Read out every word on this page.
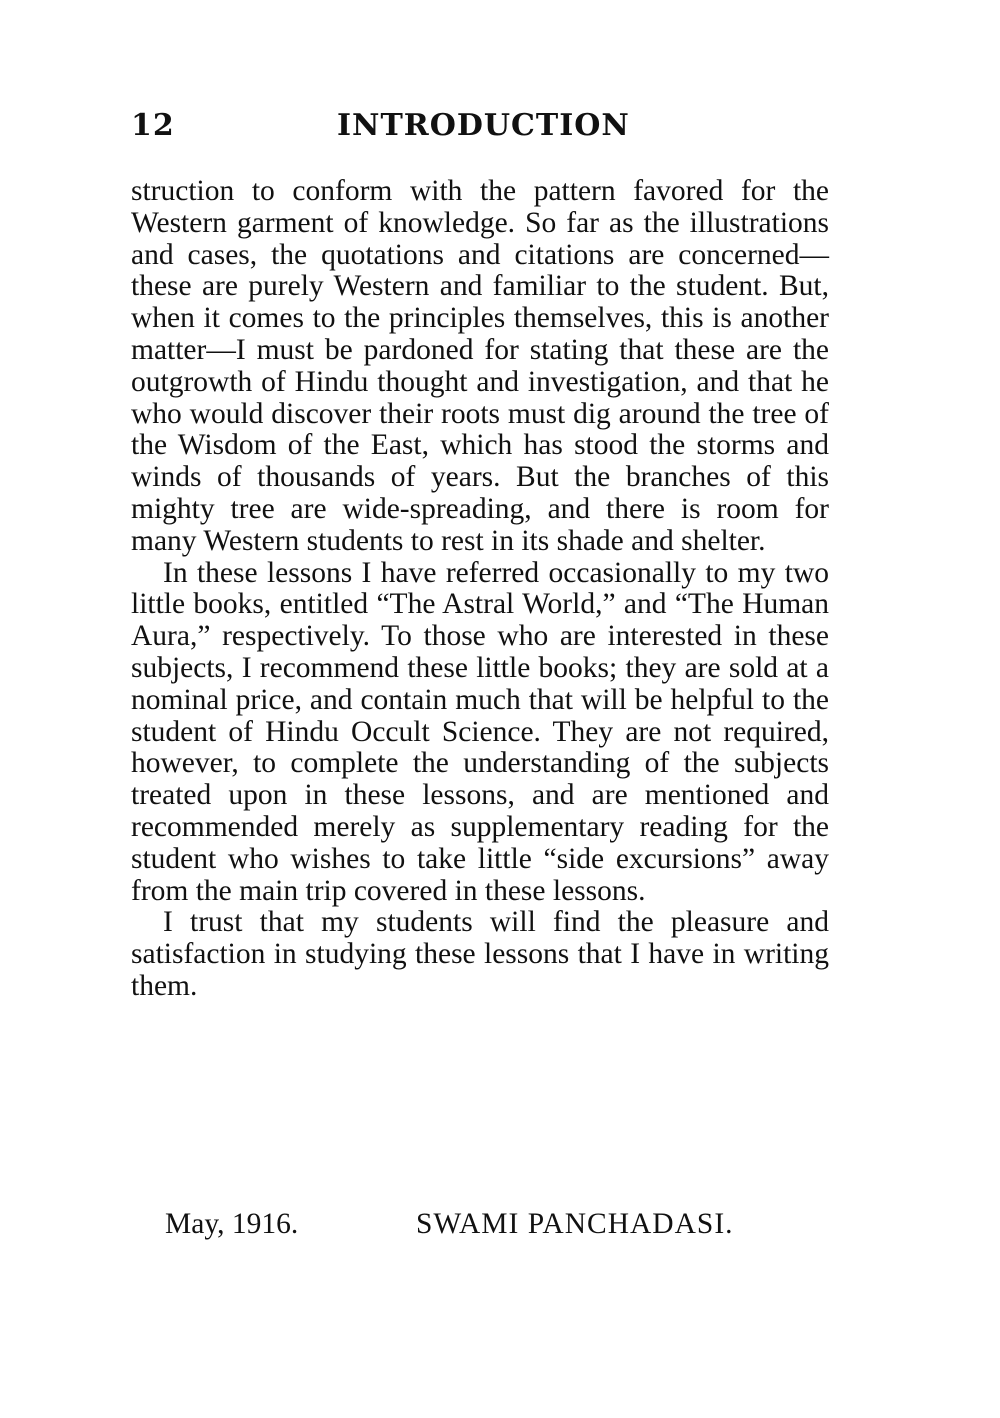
12	INTRODUCTION

struction to conform with the pattern favored for the Western garment of knowledge. So far as the illustrations and cases, the quotations and citations are concerned—these are purely Western and familiar to the student. But, when it comes to the principles themselves, this is another matter—I must be pardoned for stating that these are the outgrowth of Hindu thought and investigation, and that he who would discover their roots must dig around the tree of the Wisdom of the East, which has stood the storms and winds of thousands of years. But the branches of this mighty tree are wide-spreading, and there is room for many Western students to rest in its shade and shelter.

In these lessons I have referred occasionally to my two little books, entitled “The Astral World,” and “The Human Aura,” respectively. To those who are interested in these subjects, I recommend these little books; they are sold at a nominal price, and contain much that will be helpful to the student of Hindu Occult Science. They are not required, however, to complete the understanding of the subjects treated upon in these lessons, and are mentioned and recommended merely as supplementary reading for the student who wishes to take little “side excursions” away from the main trip covered in these lessons.

I trust that my students will find the pleasure and satisfaction in studying these lessons that I have in writing them.

May, 1916.	SWAMI PANCHADASI.
